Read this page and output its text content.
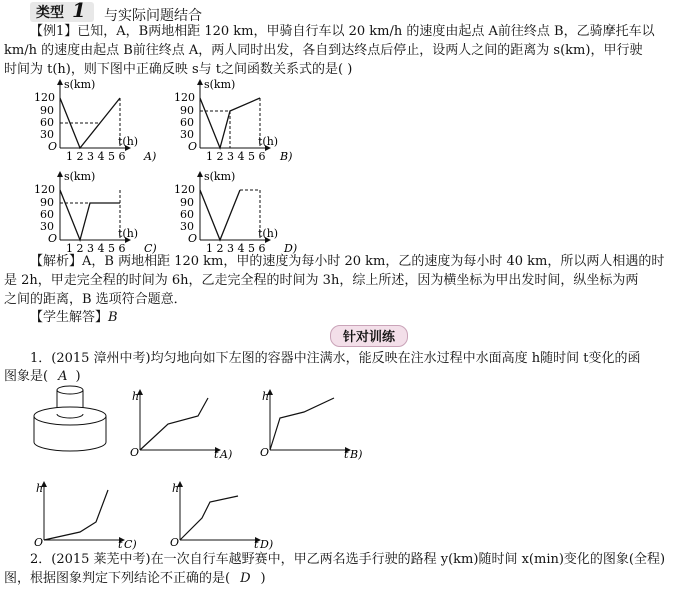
类型 1 与实际问题结合
【例1】已知，A，B两地相距 120 km，甲骑自行车以 20 km/h 的速度由起点 A前往终点 B，乙骑摩托车以
km/h 的速度由起点 B前往终点 A，两人同时出发，各自到达终点后停止，设两人之间的距离为 s(km)，甲行驶
时间为 t(h)，则下图中正确反映 s与 t之间函数关系式的是( )
s(km)
120
90
60
30
O
1 2 3 4 5 6
t(h)
A)
s(km)
120
90
60
30
O
1 2 3 4 5 6
t(h)
B)
s(km)
120
90
60
30
O
1 2 3 4 5 6
t(h)
C)
s(km)
120
90
60
30
O
1 2 3 4 5 6
t(h)
D)
【解析】A，B 两地相距 120 km，甲的速度为每小时 20 km，乙的速度为每小时 40 km，所以两人相遇的时
是 2h，甲走完全程的时间为 6h，乙走完全程的时间为 3h，综上所述，因为横坐标为甲出发时间，纵坐标为两
之间的距离，B 选项符合题意．
【学生解答】B
针对训练
1．(2015 漳州中考)均匀地向如下左图的容器中注满水，能反映在注水过程中水面高度 h随时间 t变化的函
图象是( A )
h
O	t A)
h
O	t B)
h
O	t C)
h
O	t D)
2．(2015 莱芜中考)在一次自行车越野赛中，甲乙两名选手行驶的路程 y(km)随时间 x(min)变化的图象(全程)
图，根据图象判定下列结论不正确的是( D )
